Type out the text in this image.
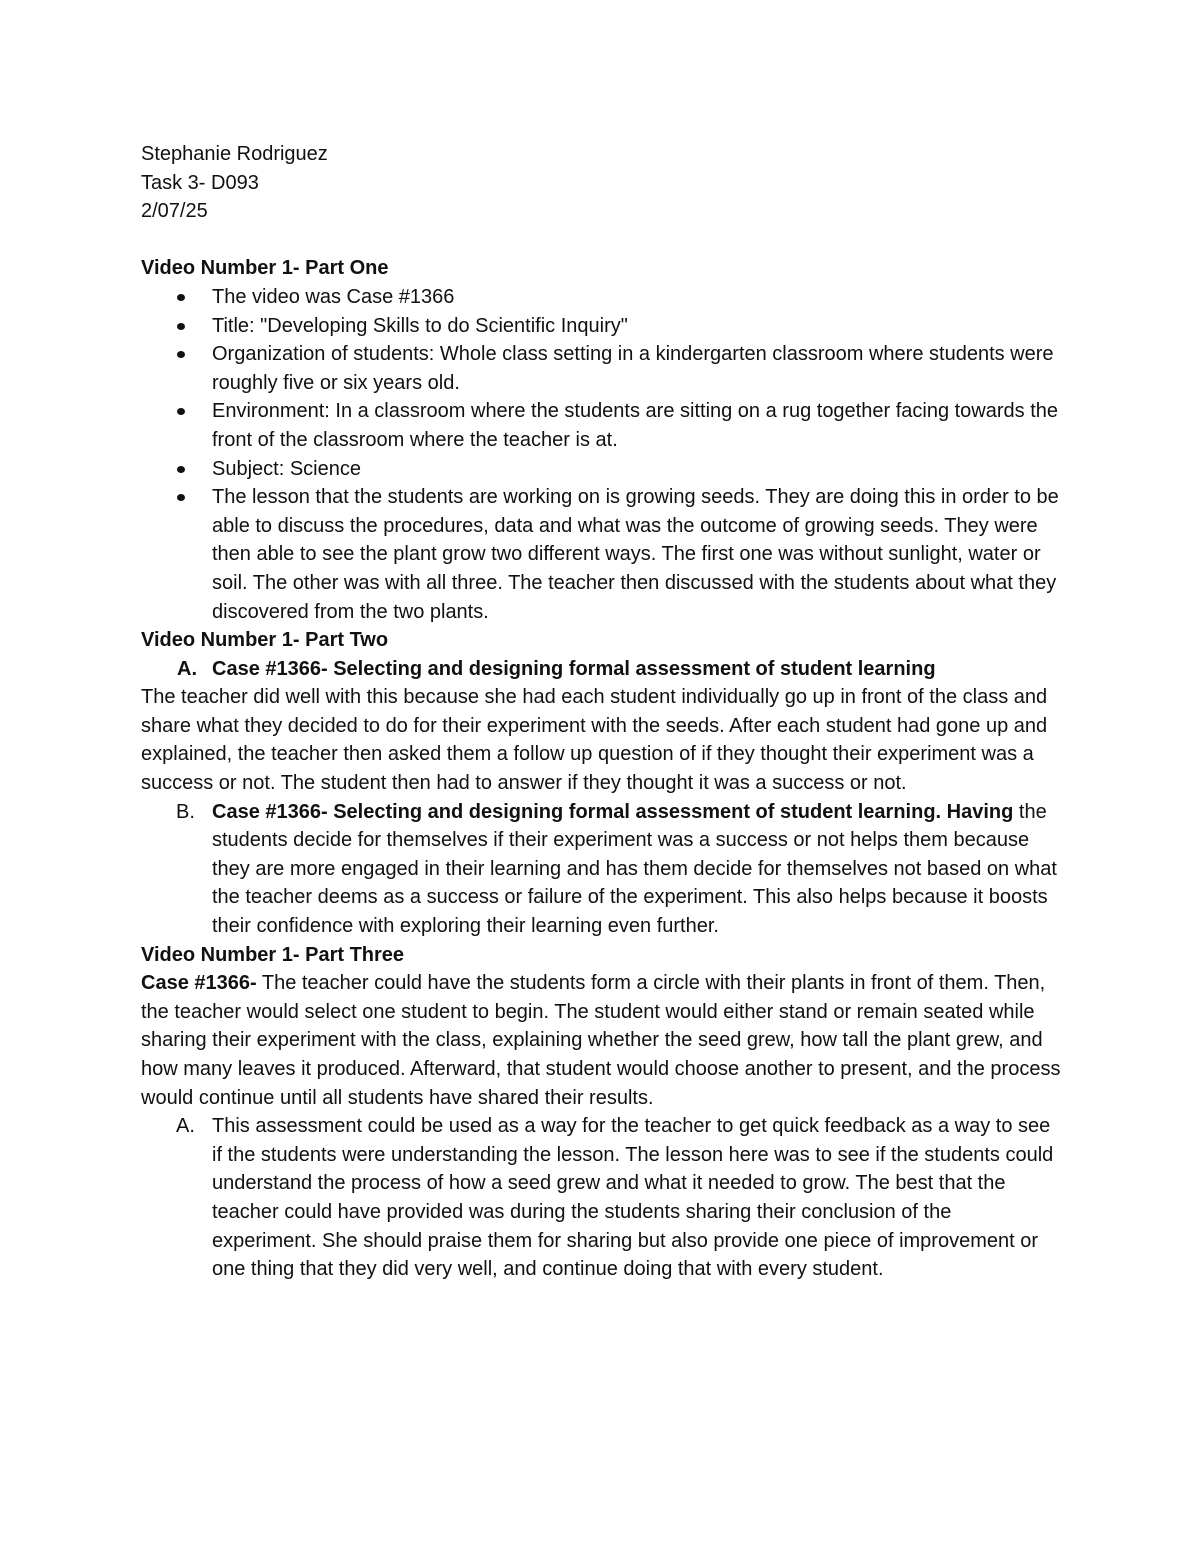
Stephanie Rodriguez

Task 3- D093

2/07/25

Video Number 1- Part One

The video was Case #1366
Title: "Developing Skills to do Scientific Inquiry"
Organization of students: Whole class setting in a kindergarten classroom where students were roughly five or six years old.
Environment: In a classroom where the students are sitting on a rug together facing towards the front of the classroom where the teacher is at.
Subject: Science
The lesson that the students are working on is growing seeds. They are doing this in order to be able to discuss the procedures, data and what was the outcome of growing seeds. They were then able to see the plant grow two different ways. The first one was without sunlight, water or soil. The other was with all three. The teacher then discussed with the students about what they discovered from the two plants.

Video Number 1- Part Two

A. Case #1366- Selecting and designing formal assessment of student learning

The teacher did well with this because she had each student individually go up in front of the class and share what they decided to do for their experiment with the seeds. After each student had gone up and explained, the teacher then asked them a follow up question of if they thought their experiment was a success or not. The student then had to answer if they thought it was a success or not.

B. Case #1366- Selecting and designing formal assessment of student learning. Having the students decide for themselves if their experiment was a success or not helps them because they are more engaged in their learning and has them decide for themselves not based on what the teacher deems as a success or failure of the experiment. This also helps because it boosts their confidence with exploring their learning even further.

Video Number 1- Part Three

Case #1366- The teacher could have the students form a circle with their plants in front of them. Then, the teacher would select one student to begin. The student would either stand or remain seated while sharing their experiment with the class, explaining whether the seed grew, how tall the plant grew, and how many leaves it produced. Afterward, that student would choose another to present, and the process would continue until all students have shared their results.

A. This assessment could be used as a way for the teacher to get quick feedback as a way to see if the students were understanding the lesson. The lesson here was to see if the students could understand the process of how a seed grew and what it needed to grow. The best that the teacher could have provided was during the students sharing their conclusion of the experiment. She should praise them for sharing but also provide one piece of improvement or one thing that they did very well, and continue doing that with every student.
